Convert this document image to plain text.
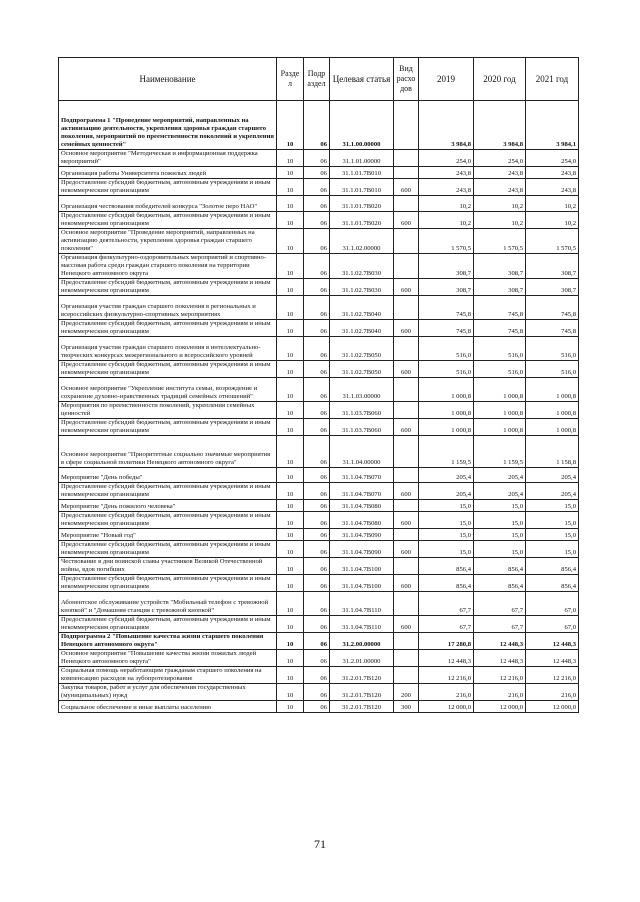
Наименование	Разде л	Подр аздел	Целевая статья	Вид расхо дов	2019	2020 год	2021 год
Подпрограмма 1 "Проведение мероприятий, направленных на активизацию деятельности, укрепления здоровья граждан старшего поколения, мероприятий по преемственности поколений и укрепления семейных ценностей"	10	06	31.1.00.00000		3 984,8	3 984,8	3 984,1
Основное мероприятие "Методическая и информационная поддержка мероприятий"	10	06	31.1.01.00000		254,0	254,0	254,0
Организация работы Университета пожилых людей	10	06	31.1.01.7В010		243,8	243,8	243,8
Предоставление субсидий бюджетным, автономным учреждениям и иным некоммерческим организациям	10	06	31.1.01.7В010	600	243,8	243,8	243,8
Организация чествования победителей конкурса "Золотое перо НАО"	10	06	31.1.01.7В020		10,2	10,2	10,2
Предоставление субсидий бюджетным, автономным учреждениям и иным некоммерческим организациям	10	06	31.1.01.7В020	600	10,2	10,2	10,2
Основное мероприятие "Проведение мероприятий, направленных на активизацию деятельности, укрепления здоровья граждан старшего поколения"	10	06	31.1.02.00000		1 570,5	1 570,5	1 570,5
Организация физкультурно-оздоровительных мероприятий и спортивно-массовая работа среди граждан старшего поколения на территории Ненецкого автономного округа	10	06	31.1.02.7В030		308,7	308,7	308,7
Предоставление субсидий бюджетным, автономным учреждениям и иным некоммерческим организациям	10	06	31.1.02.7В030	600	308,7	308,7	308,7
Организация участия граждан старшего поколения в региональных и всероссийских физкультурно-спортивных мероприятиях	10	06	31.1.02.7В040		745,8	745,8	745,8
Предоставление субсидий бюджетным, автономным учреждениям и иным некоммерческим организациям	10	06	31.1.02.7В040	600	745,8	745,8	745,8
Организация участия граждан старшего поколения в интеллектуально-творческих конкурсах межрегионального и всероссийского уровней	10	06	31.1.02.7В050		516,0	516,0	516,0
Предоставление субсидий бюджетным, автономным учреждениям и иным некоммерческим организациям	10	06	31.1.02.7В050	600	516,0	516,0	516,0
Основное мероприятие "Укрепление института семьи, возрождение и сохранение духовно-нравственных традиций семейных отношений"	10	06	31.1.03.00000		1 000,8	1 000,8	1 000,8
Мероприятия по преемственности поколений, укрепления семейных ценностей	10	06	31.1.03.7В060		1 000,8	1 000,8	1 000,8
Предоставление субсидий бюджетным, автономным учреждениям и иным некоммерческим организациям	10	06	31.1.03.7В060	600	1 000,8	1 000,8	1 000,8
Основное мероприятие "Приоритетные социально значимые мероприятия в сфере социальной политики Ненецкого автономного округа"	10	06	31.1.04.00000		1 159,5	1 159,5	1 158,8
Мероприятие "День победы"	10	06	31.1.04.7В070		205,4	205,4	205,4
Предоставление субсидий бюджетным, автономным учреждениям и иным некоммерческим организациям	10	06	31.1.04.7В070	600	205,4	205,4	205,4
Мероприятие "День пожилого человека"	10	06	31.1.04.7В080		15,0	15,0	15,0
Предоставление субсидий бюджетным, автономным учреждениям и иным некоммерческим организациям	10	06	31.1.04.7В080	600	15,0	15,0	15,0
Мероприятие "Новый год"	10	06	31.1.04.7В090		15,0	15,0	15,0
Предоставление субсидий бюджетным, автономным учреждениям и иным некоммерческим организациям	10	06	31.1.04.7В090	600	15,0	15,0	15,0
Чествование в дни воинской славы участников Великой Отечественной войны, вдов погибших	10	06	31.1.04.7В100		856,4	856,4	856,4
Предоставление субсидий бюджетным, автономным учреждениям и иным некоммерческим организациям	10	06	31.1.04.7В100	600	856,4	856,4	856,4
Абонентское обслуживание устройств "Мобильный телефон с тревожной кнопкой" и "Домашняя станция с тревожной кнопкой"	10	06	31.1.04.7В110		67,7	67,7	67,0
Предоставление субсидий бюджетным, автономным учреждениям и иным некоммерческим организациям	10	06	31.1.04.7В110	600	67,7	67,7	67,0
Подпрограмма 2 "Повышение качества жизни старшего поколения Ненецкого автономного округа"	10	06	31.2.00.00000		17 280,8	12 448,3	12 448,3
Основное мероприятие "Повышение качества жизни пожилых людей Ненецкого автономного округа"	10	06	31.2.01.00000		12 448,3	12 448,3	12 448,3
Социальная помощь неработающим гражданам старшего поколения на компенсацию расходов на зубопротезирование	10	06	31.2.01.7В120		12 216,0	12 216,0	12 216,0
Закупка товаров, работ и услуг для обеспечения государственных (муниципальных) нужд	10	06	31.2.01.7В120	200	216,0	216,0	216,0
Социальное обеспечение и иные выплаты населению	10	06	31.2.01.7В120	300	12 000,0	12 000,0	12 000,0
71
